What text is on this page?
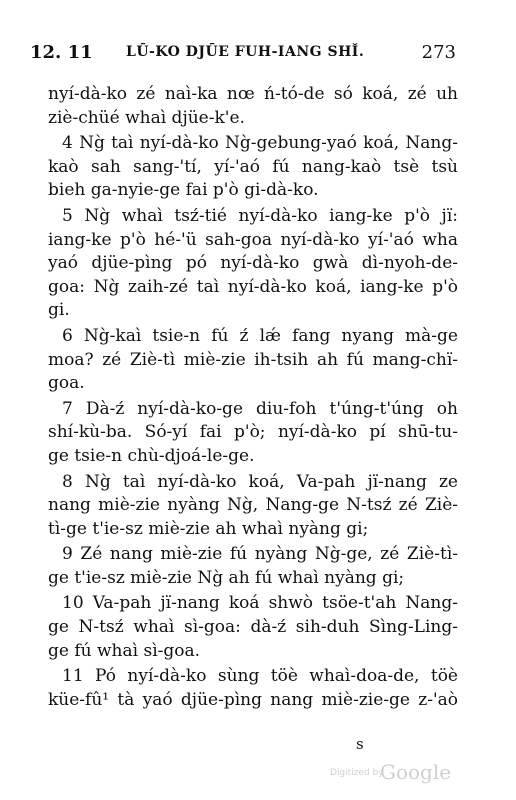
12. 11 LŪ-KO DJŪE FUH-IANG SHĬ.	273
nyí-dà-ko zé naì-ka nœ ń-tó-de só koá, zé uh
ziè-chüé whaì djüe-k'e.
4 Ng̀ taì nyí-dà-ko Ng̀-gebung-yaó koá, Nang-
kaò sah sang-'tí, yí-'aó fú nang-kaò tsè tsù
bieh ga-nyie-ge fai p'ò gi-dà-ko.
5 Ng̀ whaì tsź-tié nyí-dà-ko iang-ke p'ò jï:
iang-ke p'ò hé-'ü sah-goa nyí-dà-ko yí-'aó wha
yaó djüe-pìng pó nyí-dà-ko gwà dì-nyoh-de-
goa: Ng̀ zaih-zé taì nyí-dà-ko koá, iang-ke p'ò
gi.
6 Ng̀-kaì tsie-n fú ź lǽ fang nyang mà-ge
moa? zé Ziè-tì miè-zie ih-tsih ah fú mang-chï-
goa.
7 Dà-ź nyí-dà-ko-ge diu-foh t'úng-t'úng oh
shí-kù-ba. Só-yí fai p'ò; nyí-dà-ko pí shū-tu-
ge tsie-n chù-djoá-le-ge.
8 Ng̀ taì nyí-dà-ko koá, Va-pah jï-nang ze
nang miè-zie nyàng Ng̀, Nang-ge N-tsź zé Ziè-
tì-ge t'ie-sz miè-zie ah whaì nyàng gi;
9 Zé nang miè-zie fú nyàng Ng̀-ge, zé Ziè-tì-
ge t'ie-sz miè-zie Ng̀ ah fú whaì nyàng gi;
10 Va-pah jï-nang koá shwò tsöe-t'ah Nang-
ge N-tsź whaì sì-goa: dà-ź sih-duh Sìng-Ling-
ge fú whaì sì-goa.
11 Pó nyí-dà-ko sùng töè whaì-doa-de, töè
küe-fû¹ tà yaó djüe-pìng nang miè-zie-ge z-'aò
s
Digitized by
Google
